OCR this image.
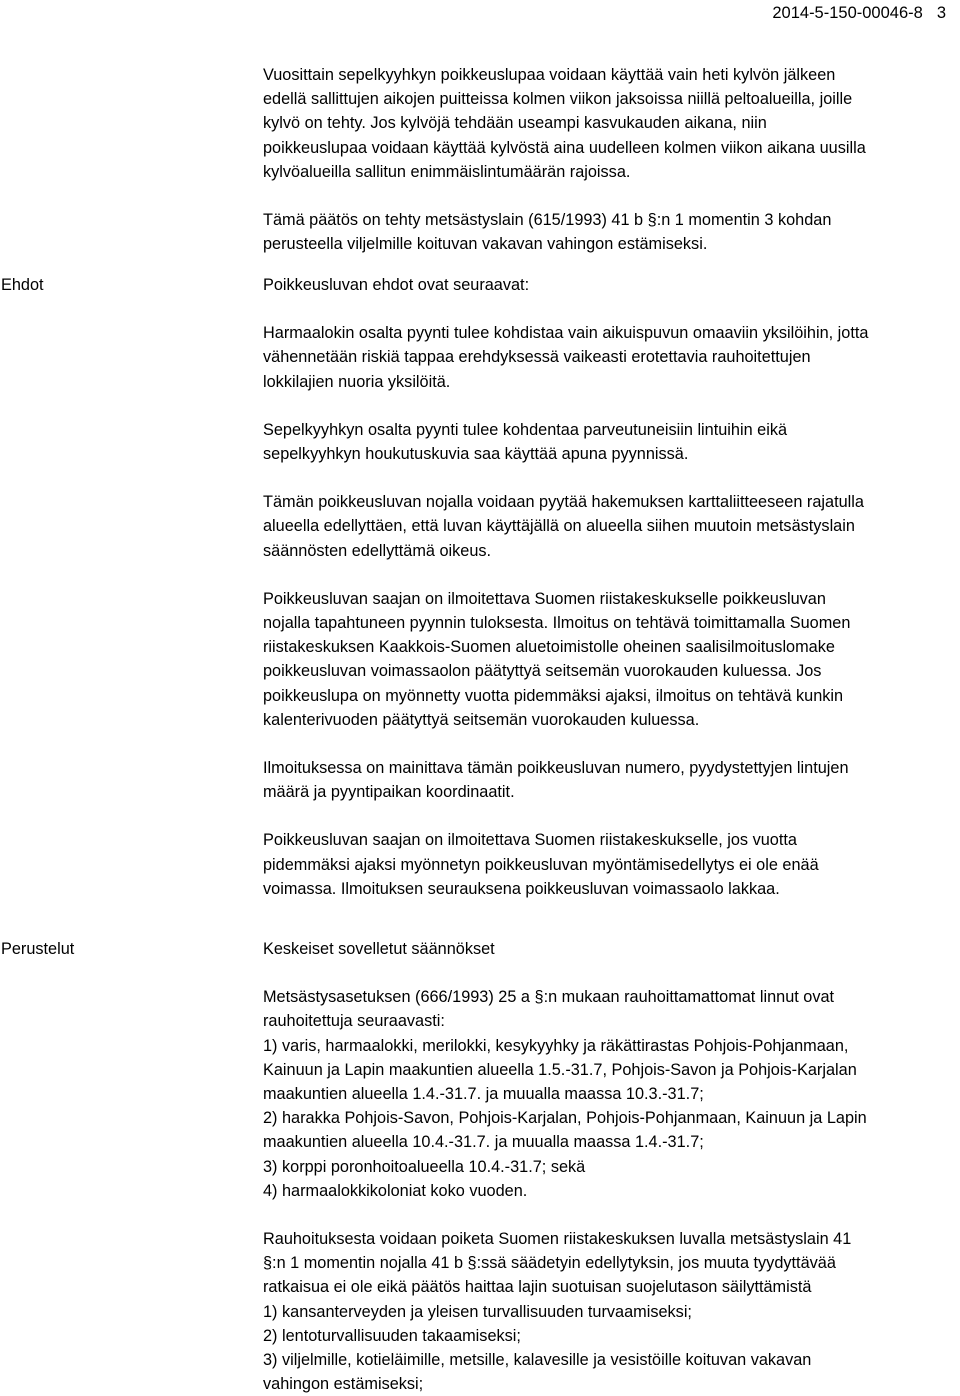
2014-5-150-00046-8 3

Vuosittain sepelkyyhkyn poikkeuslupaa voidaan käyttää vain heti kylvön jälkeen
edellä sallittujen aikojen puitteissa kolmen viikon jaksoissa niillä peltoalueilla, joille
kylvö on tehty. Jos kylvöjä tehdään useampi kasvukauden aikana, niin
poikkeuslupaa voidaan käyttää kylvöstä aina uudelleen kolmen viikon aikana uusilla
kylvöalueilla sallitun enimmäislintumäärän rajoissa.

Tämä päätös on tehty metsästyslain (615/1993) 41 b §:n 1 momentin 3 kohdan
perusteella viljelmille koituvan vakavan vahingon estämiseksi.

Ehdot	Poikkeusluvan ehdot ovat seuraavat:

Harmaalokin osalta pyynti tulee kohdistaa vain aikuispuvun omaaviin yksilöihin, jotta
vähennetään riskiä tappaa erehdyksessä vaikeasti erotettavia rauhoitettujen
lokkilajien nuoria yksilöitä.

Sepelkyyhkyn osalta pyynti tulee kohdentaa parveutuneisiin lintuihin eikä
sepelkyyhkyn houkutuskuvia saa käyttää apuna pyynnissä.

Tämän poikkeusluvan nojalla voidaan pyytää hakemuksen karttaliitteeseen rajatulla
alueella edellyttäen, että luvan käyttäjällä on alueella siihen muutoin metsästyslain
säännösten edellyttämä oikeus.

Poikkeusluvan saajan on ilmoitettava Suomen riistakeskukselle poikkeusluvan
nojalla tapahtuneen pyynnin tuloksesta. Ilmoitus on tehtävä toimittamalla Suomen
riistakeskuksen Kaakkois-Suomen aluetoimistolle oheinen saalisilmoituslomake
poikkeusluvan voimassaolon päätyttyä seitsemän vuorokauden kuluessa. Jos
poikkeuslupa on myönnetty vuotta pidemmäksi ajaksi, ilmoitus on tehtävä kunkin
kalenterivuoden päätyttyä seitsemän vuorokauden kuluessa.

Ilmoituksessa on mainittava tämän poikkeusluvan numero, pyydystettyjen lintujen
määrä ja pyyntipaikan koordinaatit.

Poikkeusluvan saajan on ilmoitettava Suomen riistakeskukselle, jos vuotta
pidemmäksi ajaksi myönnetyn poikkeusluvan myöntämisedellytys ei ole enää
voimassa. Ilmoituksen seurauksena poikkeusluvan voimassaolo lakkaa.

Perustelut	Keskeiset sovelletut säännökset

Metsästysasetuksen (666/1993) 25 a §:n mukaan rauhoittamattomat linnut ovat
rauhoitettuja seuraavasti:
1) varis, harmaalokki, merilokki, kesykyyhky ja räkättirastas Pohjois-Pohjanmaan,
Kainuun ja Lapin maakuntien alueella 1.5.-31.7, Pohjois-Savon ja Pohjois-Karjalan
maakuntien alueella 1.4.-31.7. ja muualla maassa 10.3.-31.7;
2) harakka Pohjois-Savon, Pohjois-Karjalan, Pohjois-Pohjanmaan, Kainuun ja Lapin
maakuntien alueella 10.4.-31.7. ja muualla maassa 1.4.-31.7;
3) korppi poronhoitoalueella 10.4.-31.7; sekä
4) harmaalokkikoloniat koko vuoden.

Rauhoituksesta voidaan poiketa Suomen riistakeskuksen luvalla metsästyslain 41
§:n 1 momentin nojalla 41 b §:ssä säädetyin edellytyksin, jos muuta tyydyttävää
ratkaisua ei ole eikä päätös haittaa lajin suotuisan suojelutason säilyttämistä
1) kansanterveyden ja yleisen turvallisuuden turvaamiseksi;
2) lentoturvallisuuden takaamiseksi;
3) viljelmille, kotieläimille, metsille, kalavesille ja vesistöille koituvan vakavan
vahingon estämiseksi;
